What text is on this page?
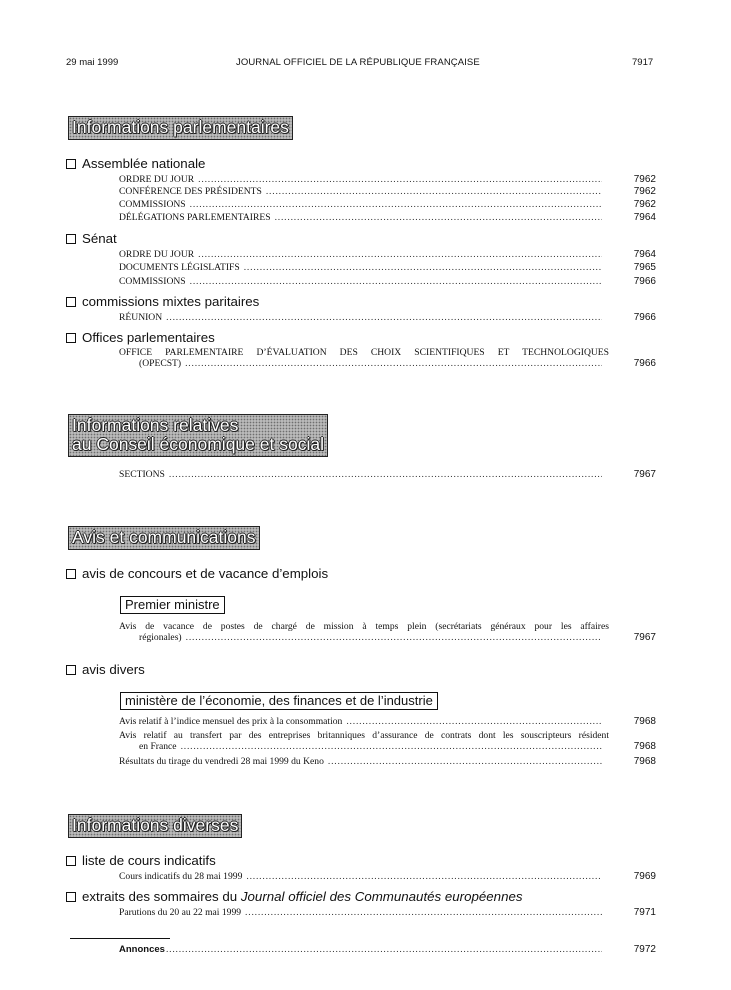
29 mai 1999	JOURNAL OFFICIEL DE LA RÉPUBLIQUE FRANÇAISE	7917
Informations parlementaires
Assemblée nationale
ORDRE DU JOUR .....	7962
CONFÉRENCE DES PRÉSIDENTS .....	7962
COMMISSIONS .....	7962
DÉLÉGATIONS PARLEMENTAIRES .....	7964
Sénat
ORDRE DU JOUR .....	7964
DOCUMENTS LÉGISLATIFS .....	7965
COMMISSIONS .....	7966
commissions mixtes paritaires
RÉUNION .....	7966
Offices parlementaires
OFFICE PARLEMENTAIRE D’ÉVALUATION DES CHOIX SCIENTIFIQUES ET TECHNOLOGIQUES
(OPECST) .....	7966
Informations relatives
au Conseil économique et social
SECTIONS .....	7967
Avis et communications
avis de concours et de vacance d’emplois
Premier ministre
Avis de vacance de postes de chargé de mission à temps plein (secrétariats généraux pour les affaires
régionales) .....	7967
avis divers
ministère de l’économie, des finances et de l’industrie
Avis relatif à l’indice mensuel des prix à la consommation .....	7968
Avis relatif au transfert par des entreprises britanniques d’assurance de contrats dont les souscripteurs résident
en France .....	7968
Résultats du tirage du vendredi 28 mai 1999 du Keno .....	7968
Informations diverses
liste de cours indicatifs
Cours indicatifs du 28 mai 1999 .....	7969
extraits des sommaires du
Journal officiel des Communautés européennes
Parutions du 20 au 22 mai 1999 .....	7971
Annonces .....	7972
